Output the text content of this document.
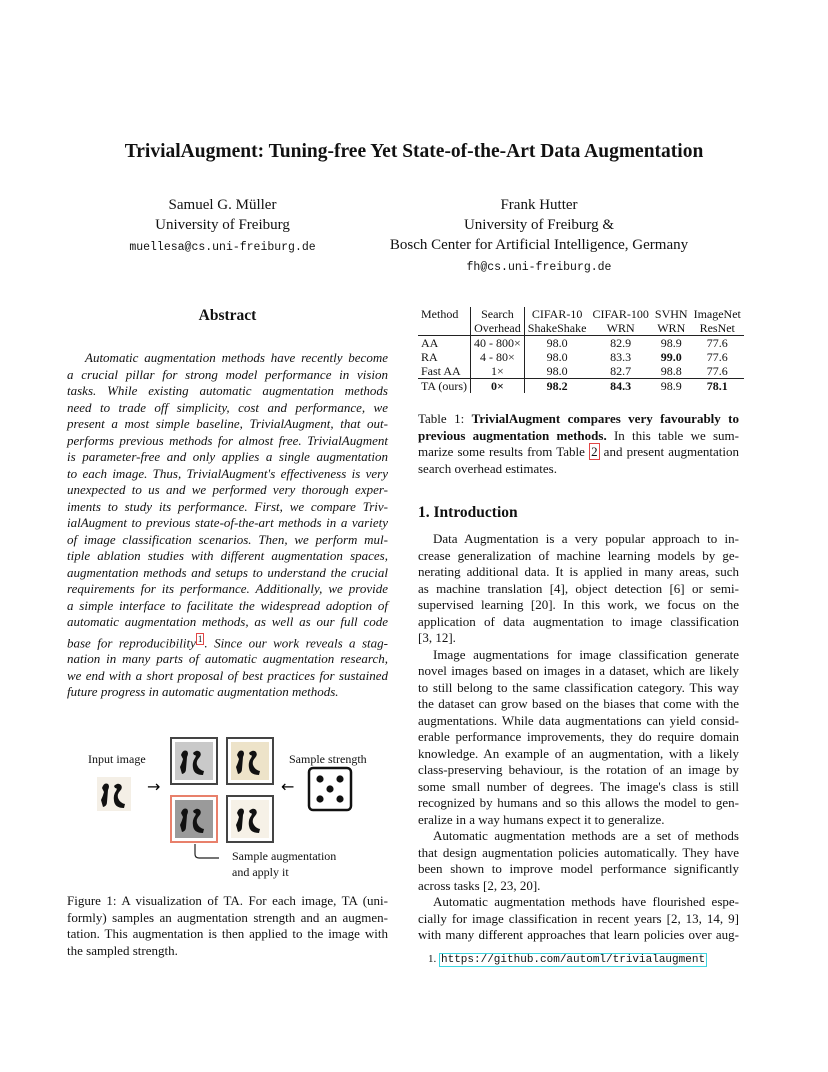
TrivialAugment: Tuning-free Yet State-of-the-Art Data Augmentation
Samuel G. Müller
University of Freiburg
muellesa@cs.uni-freiburg.de
Frank Hutter
University of Freiburg &
Bosch Center for Artificial Intelligence, Germany
fh@cs.uni-freiburg.de
Abstract
Automatic augmentation methods have recently become
a crucial pillar for strong model performance in vision
tasks. While existing automatic augmentation methods
need to trade off simplicity, cost and performance, we
present a most simple baseline, TrivialAugment, that out-
performs previous methods for almost free. TrivialAugment
is parameter-free and only applies a single augmentation
to each image. Thus, TrivialAugment's effectiveness is very
unexpected to us and we performed very thorough exper-
iments to study its performance. First, we compare Triv-
ialAugment to previous state-of-the-art methods in a variety
of image classification scenarios. Then, we perform mul-
tiple ablation studies with different augmentation spaces,
augmentation methods and setups to understand the crucial
requirements for its performance. Additionally, we provide
a simple interface to facilitate the widespread adoption of
automatic augmentation methods, as well as our full code
base for reproducibility $^1$ . Since our work reveals a stag-
nation in many parts of automatic augmentation research,
we end with a short proposal of best practices for sustained
future progress in automatic augmentation methods.
→	←
Input image	Sample strength
Sample augmentation
and apply it
Figure 1: A visualization of TA. For each image, TA (uni-
formly) samples an augmentation strength and an augmen-
tation. This augmentation is then applied to the image with
the sampled strength.
Method	Search	CIFAR-10	CIFAR-100	SVHN	ImageNet
	Overhead	ShakeShake	WRN	WRN	ResNet
AA	40 - 800×	98.0	82.9	98.9	77.6
RA	4 - 80×	98.0	83.3	99.0	77.6
Fast AA	1×	98.0	82.7	98.8	77.6
TA (ours)	0×	98.2	84.3	98.9	78.1
Table 1: TrivialAugment compares very favourably to
previous augmentation methods. In this table we sum-
marize some results from Table 2 and present augmentation
search overhead estimates.
1. Introduction
Data Augmentation is a very popular approach to in-
crease generalization of machine learning models by ge-
nerating additional data. It is applied in many areas, such
as machine translation [4], object detection [6] or semi-
supervised learning [20]. In this work, we focus on the
application of data augmentation to image classification
[3, 12].
Image augmentations for image classification generate
novel images based on images in a dataset, which are likely
to still belong to the same classification category. This way
the dataset can grow based on the biases that come with the
augmentations. While data augmentations can yield consid-
erable performance improvements, they do require domain
knowledge. An example of an augmentation, with a likely
class-preserving behaviour, is the rotation of an image by
some small number of degrees. The image's class is still
recognized by humans and so this allows the model to gen-
eralize in a way humans expect it to generalize.
Automatic augmentation methods are a set of methods
that design augmentation policies automatically. They have
been shown to improve model performance significantly
across tasks [2, 23, 20].
Automatic augmentation methods have flourished espe-
cially for image classification in recent years [2, 13, 14, 9]
with many different approaches that learn policies over aug-
1. https://github.com/automl/trivialaugment
